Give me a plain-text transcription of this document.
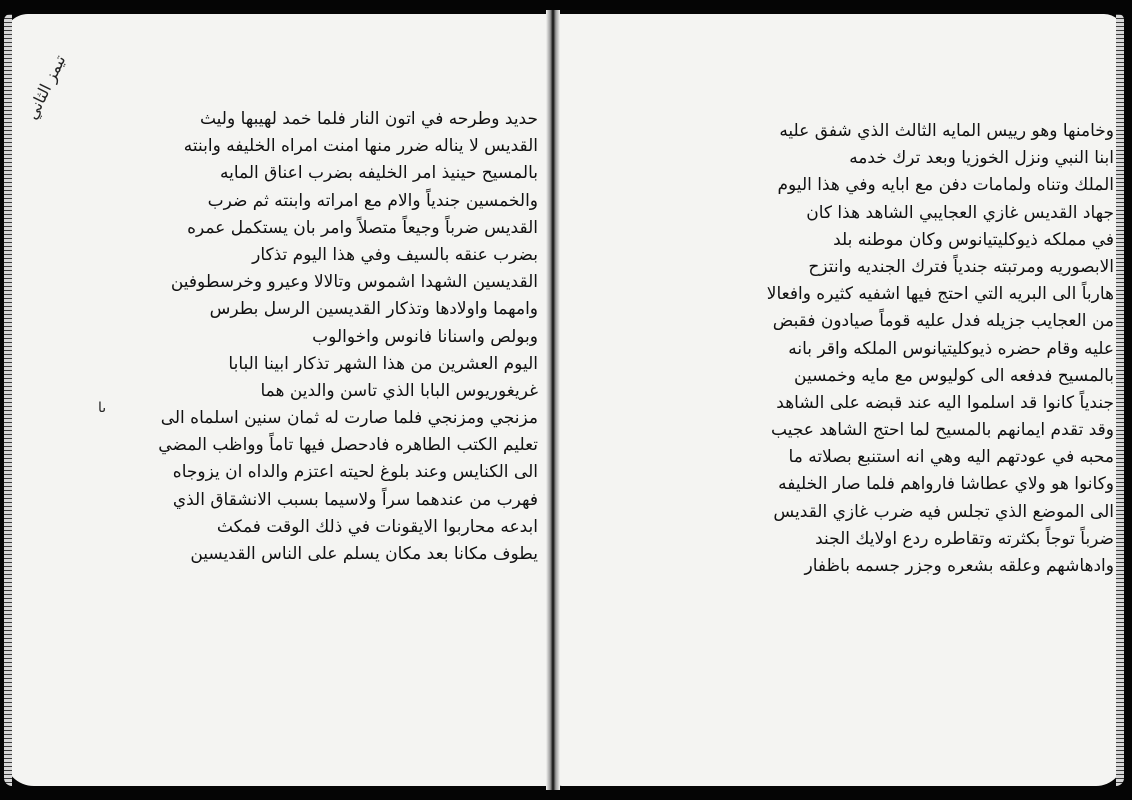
تيمز الثاني
ىا
حديد وطرحه في اتون النار فلما خمد لهيبها وليث
القديس لا يناله ضرر منها امنت امراه الخليفه وابنته
بالمسيح حينيذ امر الخليفه بضرب اعناق المايه
والخمسين جندياً والام مع امراته وابنته ثم ضرب
القديس ضرباً وجيعاً متصلاً وامر بان يستكمل عمره
بضرب عنقه بالسيف وفي هذا اليوم تذكار
القديسين الشهدا اشموس وتالالا وعيرو وخرسطوفين
وامهما واولادها وتذكار القديسين الرسل بطرس
وبولص واسنانا فانوس واخوالوب
اليوم العشرين من هذا الشهر تذكار ابينا البابا
غريغوريوس البابا الذي تاسن والدين هما
مزنجي ومزنجي فلما صارت له ثمان سنين اسلماه الى
تعليم الكتب الطاهره فادحصل فيها تاماً وواظب المضي
الى الكنايس وعند بلوغ لحيته اعتزم والداه ان يزوجاه
فهرب من عندهما سراً ولاسيما بسبب الانشقاق الذي
ابدعه محاربوا الايقونات في ذلك الوقت فمكث
يطوف مكانا بعد مكان يسلم على الناس القديسين
وخامنها وهو رييس المايه الثالث الذي شفق عليه
ابنا النبي ونزل الخوزيا وبعد ترك خدمه
الملك وتناه ولمامات دفن مع ابايه وفي هذا اليوم
جهاد القديس غازي العجايبي الشاهد هذا كان
في مملكه ذيوكليتيانوس وكان موطنه بلد
الابصوريه ومرتبته جندياً فترك الجنديه وانتزح
هارباً الى البريه التي احتج فيها اشفيه كثيره وافعالا
من العجايب جزيله فدل عليه قوماً صيادون فقبض
عليه وقام حضره ذيوكليتيانوس الملكه واقر بانه
بالمسيح فدفعه الى كوليوس مع مايه وخمسين
جندياً كانوا قد اسلموا اليه عند قبضه على الشاهد
وقد تقدم ايمانهم بالمسيح لما احتج الشاهد عجيب
محبه في عودتهم اليه وهي انه استنبع بصلاته ما
وكانوا هو ولاي عطاشا فارواهم فلما صار الخليفه
الى الموضع الذي تجلس فيه ضرب غازي القديس
ضرباً توجاً بكثرته وتقاطره ردع اولايك الجند
وادهاشهم وعلقه بشعره وجزر جسمه باظفار
